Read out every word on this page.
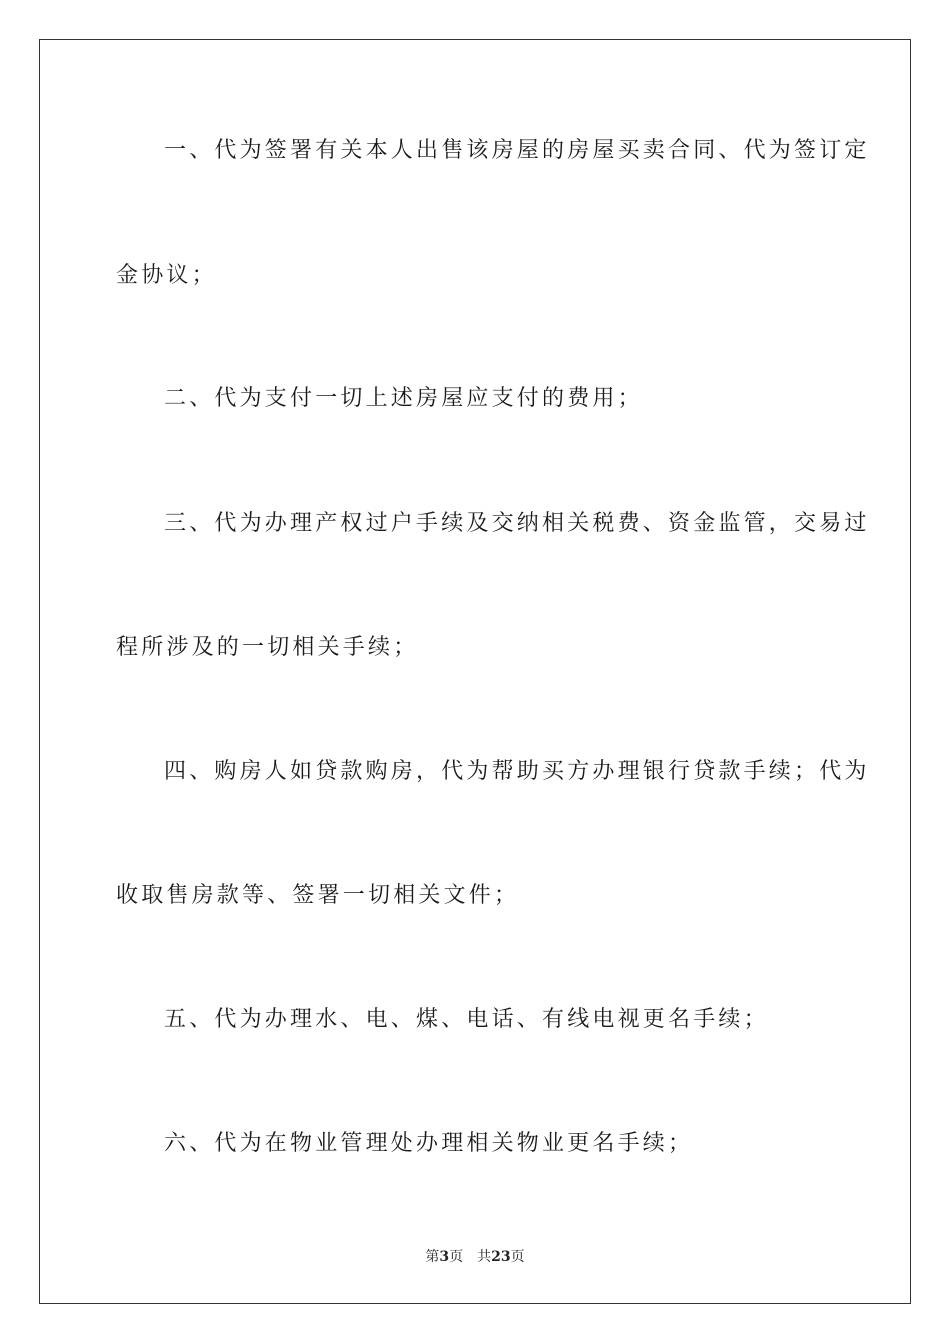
一、代为签署有关本人出售该房屋的房屋买卖合同、代为签订定
金协议；
二、代为支付一切上述房屋应支付的费用；
三、代为办理产权过户手续及交纳相关税费、资金监管，交易过
程所涉及的一切相关手续；
四、购房人如贷款购房，代为帮助买方办理银行贷款手续；代为
收取售房款等、签署一切相关文件；
五、代为办理水、电、煤、电话、有线电视更名手续；
六、代为在物业管理处办理相关物业更名手续；
第3页 共23页
